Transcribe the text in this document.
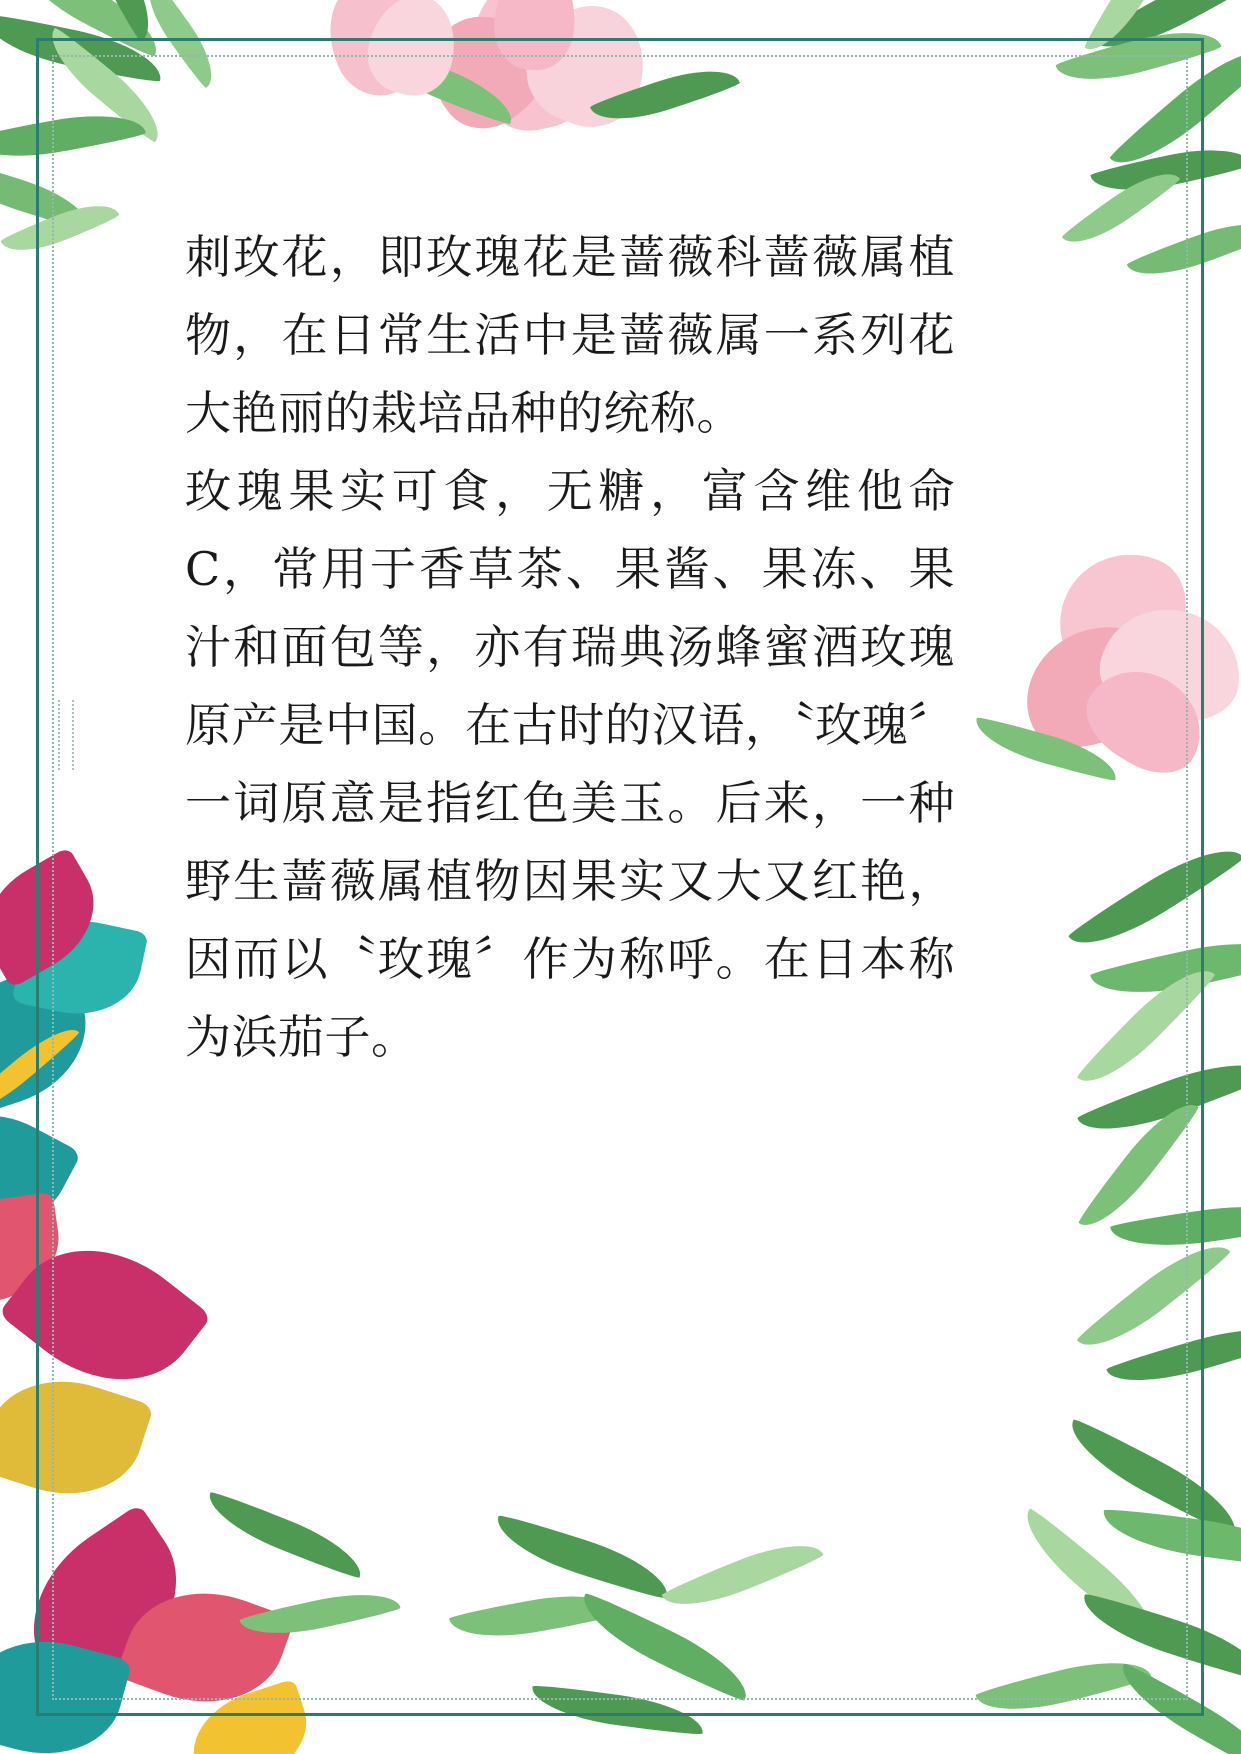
刺玫花，即玫瑰花是蔷薇科蔷薇属植物，在日常生活中是蔷薇属一系列花大艳丽的栽培品种的统称。

玫瑰果实可食，无糖，富含维他命C，常用于香草茶、果酱、果冻、果汁和面包等，亦有瑞典汤蜂蜜酒玫瑰原产是中国。在古时的汉语，〝玫瑰〞一词原意是指红色美玉。后来，一种野生蔷薇属植物因果实又大又红艳，因而以〝玫瑰〞作为称呼。在日本称为浜茄子。
